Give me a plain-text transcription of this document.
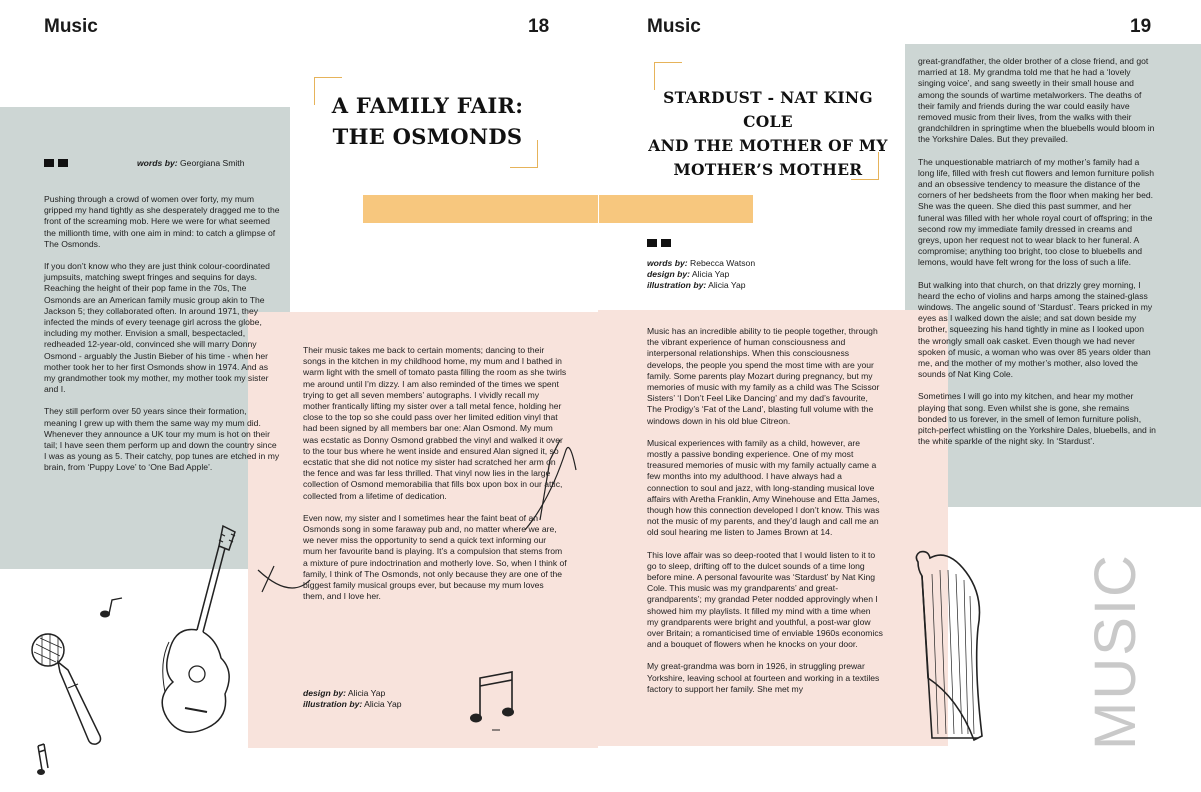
Music	18
A FAMILY FAIR:
THE OSMONDS
words by: Georgiana Smith

Pushing through a crowd of women over forty, my mum gripped my hand tightly as she desperately dragged me to the front of the screaming mob. Here we were for what seemed the millionth time, with one aim in mind: to catch a glimpse of The Osmonds.

If you don’t know who they are just think colour-coordinated jumpsuits, matching swept fringes and sequins for days. Reaching the height of their pop fame in the 70s, The Osmonds are an American family music group akin to The Jackson 5; they collaborated often. In around 1971, they infected the minds of every teenage girl across the globe, including my mother. Envision a small, bespectacled, redheaded 12-year-old, convinced she will marry Donny Osmond - arguably the Justin Bieber of his time - when her mother took her to her first Osmonds show in 1974. And as my grandmother took my mother, my mother took my sister and I.

They still perform over 50 years since their formation, meaning I grew up with them the same way my mum did. Whenever they announce a UK tour my mum is hot on their tail; I have seen them perform up and down the country since I was as young as 5. Their catchy, pop tunes are etched in my brain, from ‘Puppy Love’ to ‘One Bad Apple’.

Their music takes me back to certain moments; dancing to their songs in the kitchen in my childhood home, my mum and I bathed in warm light with the smell of tomato pasta filling the room as she twirls me around until I’m dizzy. I am also reminded of the times we spent trying to get all seven members’ autographs. I vividly recall my mother frantically lifting my sister over a tall metal fence, holding her close to the top so she could pass over her limited edition vinyl that had been signed by all members bar one: Alan Osmond. My mum was ecstatic as Donny Osmond grabbed the vinyl and walked it over to the tour bus where he went inside and ensured Alan signed it, so ecstatic that she did not notice my sister had scratched her arm on the fence and was far less thrilled. That vinyl now lies in the large collection of Osmond memorabilia that fills box upon box in our attic, collected from a lifetime of dedication.

Even now, my sister and I sometimes hear the faint beat of an Osmonds song in some faraway pub and, no matter where we are, we never miss the opportunity to send a quick text informing our mum her favourite band is playing. It’s a compulsion that stems from a mixture of pure indoctrination and motherly love. So, when I think of family, I think of The Osmonds, not only because they are one of the biggest family musical groups ever, but because my mum loves them, and I love her.

design by: Alicia Yap
illustration by: Alicia Yap
Music	19
STARDUST - NAT KING COLE
AND THE MOTHER OF MY
MOTHER’S MOTHER
words by: Rebecca Watson
design by: Alicia Yap
illustration by: Alicia Yap

Music has an incredible ability to tie people together, through the vibrant experience of human consciousness and interpersonal relationships. When this consciousness develops, the people you spend the most time with are your family. Some parents play Mozart during pregnancy, but my memories of music with my family as a child was The Scissor Sisters’ ‘I Don’t Feel Like Dancing’ and my dad’s favourite, The Prodigy’s ‘Fat of the Land’, blasting full volume with the windows down in his old blue Citreon.

Musical experiences with family as a child, however, are mostly a passive bonding experience. One of my most treasured memories of music with my family actually came a few months into my adulthood. I have always had a connection to soul and jazz, with long-standing musical love affairs with Aretha Franklin, Amy Winehouse and Etta James, though how this connection developed I don’t know. This was not the music of my parents, and they’d laugh and call me an old soul hearing me listen to James Brown at 14.

This love affair was so deep-rooted that I would listen to it to go to sleep, drifting off to the dulcet sounds of a time long before mine. A personal favourite was ‘Stardust’ by Nat King Cole. This music was my grandparents’ and great-grandparents’; my grandad Peter nodded approvingly when I showed him my playlists. It filled my mind with a time when my grandparents were bright and youthful, a post-war glow over Britain; a romanticised time of enviable 1960s economics and a bouquet of flowers when he knocks on your door.

My great-grandma was born in 1926, in struggling prewar Yorkshire, leaving school at fourteen and working in a textiles factory to support her family. She met my

great-grandfather, the older brother of a close friend, and got married at 18. My grandma told me that he had a ‘lovely singing voice’, and sang sweetly in their small house and among the sounds of wartime metalworkers. The deaths of their family and friends during the war could easily have removed music from their lives, from the walks with their grandchildren in springtime when the bluebells would bloom in the Yorkshire Dales. But they prevailed.

The unquestionable matriarch of my mother’s family had a long life, filled with fresh cut flowers and lemon furniture polish and an obsessive tendency to measure the distance of the corners of her bedsheets from the floor when making her bed. She was the queen. She died this past summer, and her funeral was filled with her whole royal court of offspring; in the second row my immediate family dressed in creams and greys, upon her request not to wear black to her funeral. A compromise; anything too bright, too close to bluebells and lemons, would have felt wrong for the loss of such a life.

But walking into that church, on that drizzly grey morning, I heard the echo of violins and harps among the stained-glass windows. The angelic sound of ‘Stardust’. Tears pricked in my eyes as I walked down the aisle; and sat down beside my brother, squeezing his hand tightly in mine as I looked upon the wrongly small oak casket. Even though we had never spoken of music, a woman who was over 85 years older than me, and the mother of my mother’s mother, also loved the sounds of Nat King Cole.

Sometimes I will go into my kitchen, and hear my mother playing that song. Even whilst she is gone, she remains bonded to us forever, in the smell of lemon furniture polish, pitch-perfect whistling on the Yorkshire Dales, bluebells, and in the white sparkle of the night sky. In ‘Stardust’.

MUSIC
